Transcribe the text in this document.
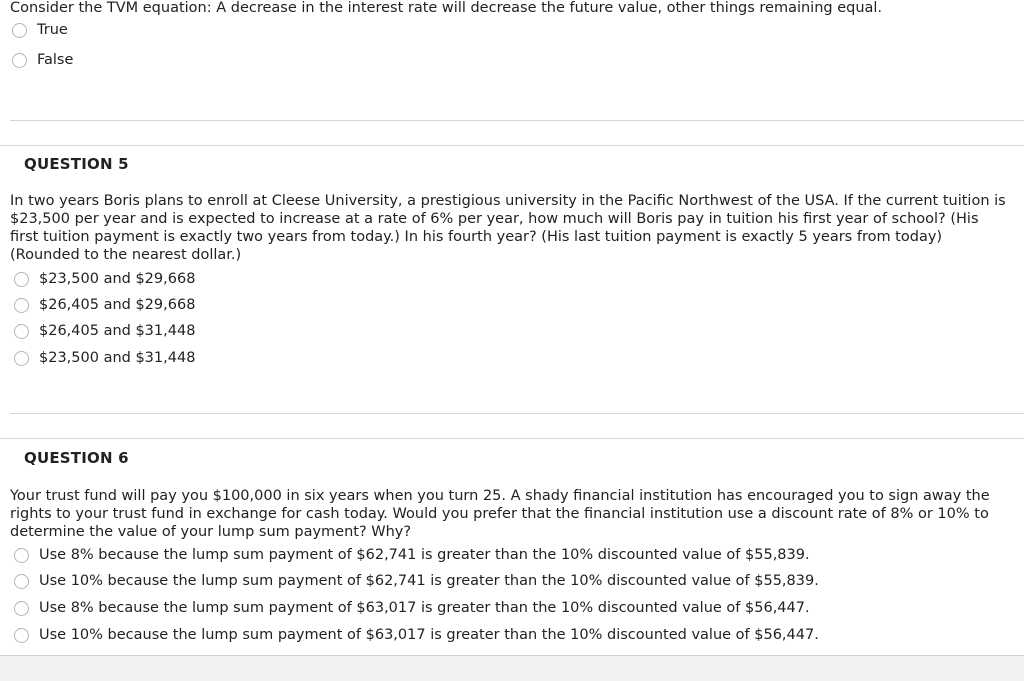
Consider the TVM equation: A decrease in the interest rate will decrease the future value, other things remaining equal.
True
False
QUESTION 5
In two years Boris plans to enroll at Cleese University, a prestigious university in the Pacific Northwest of the USA. If the current tuition is $23,500 per year and is expected to increase at a rate of 6% per year, how much will Boris pay in tuition his first year of school? (His first tuition payment is exactly two years from today.) In his fourth year? (His last tuition payment is exactly 5 years from today) (Rounded to the nearest dollar.)
$23,500 and $29,668
$26,405 and $29,668
$26,405 and $31,448
$23,500 and $31,448
QUESTION 6
Your trust fund will pay you $100,000 in six years when you turn 25. A shady financial institution has encouraged you to sign away the rights to your trust fund in exchange for cash today. Would you prefer that the financial institution use a discount rate of 8% or 10% to determine the value of your lump sum payment? Why?
Use 8% because the lump sum payment of $62,741 is greater than the 10% discounted value of $55,839.
Use 10% because the lump sum payment of $62,741 is greater than the 10% discounted value of $55,839.
Use 8% because the lump sum payment of $63,017 is greater than the 10% discounted value of $56,447.
Use 10% because the lump sum payment of $63,017 is greater than the 10% discounted value of $56,447.
